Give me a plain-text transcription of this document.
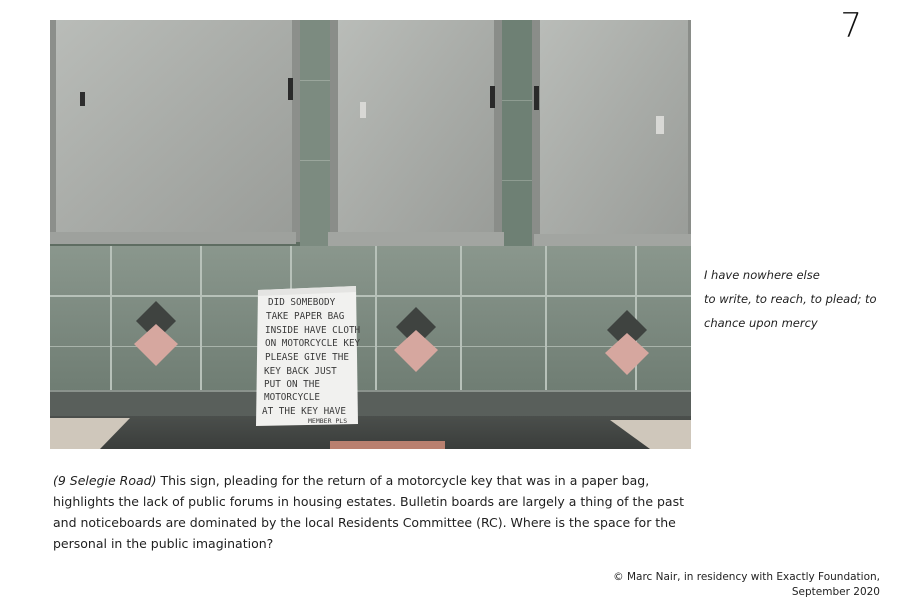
7
DID SOMEBODY
TAKE PAPER BAG
INSIDE HAVE CLOTH
ON MOTORCYCLE KEY
PLEASE GIVE THE
KEY BACK JUST
PUT ON THE
MOTORCYCLE
AT THE KEY HAVE
MEMBER PLS
I have nowhere else
to write, to reach, to plead; to
chance upon mercy
(9 Selegie Road) This sign, pleading for the return of a motorcycle key that was in a paper bag, highlights the lack of public forums in housing estates. Bulletin boards are largely a thing of the past and noticeboards are dominated by the local Residents Committee (RC). Where is the space for the personal in the public imagination?
© Marc Nair, in residency with Exactly Foundation,
September 2020
